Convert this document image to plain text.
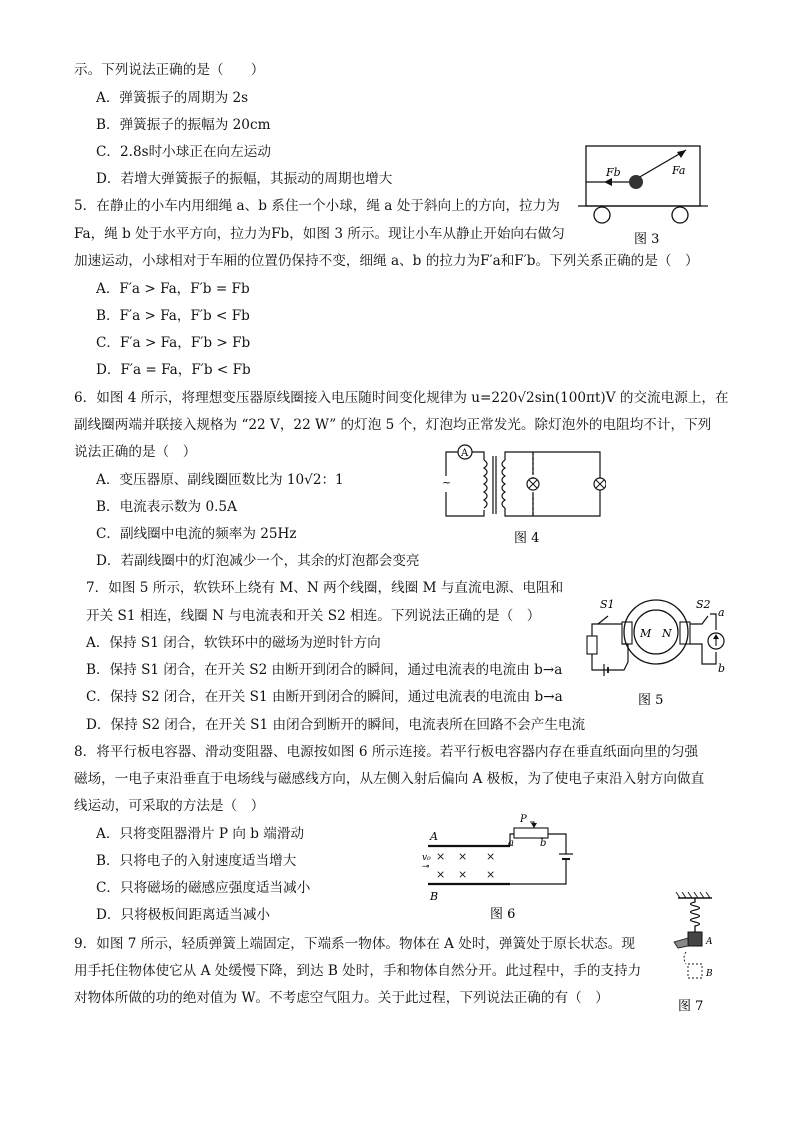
示。下列说法正确的是（　　）
A．弹簧振子的周期为 2s
B．弹簧振子的振幅为 20cm
C．2.8s时小球正在向左运动
D．若增大弹簧振子的振幅，其振动的周期也增大
5．在静止的小车内用细绳 a、b 系住一个小球，绳 a 处于斜向上的方向，拉力为
Fa，绳 b 处于水平方向，拉力为Fb，如图 3 所示。现让小车从静止开始向右做匀
加速运动，小球相对于车厢的位置仍保持不变，细绳 a、b 的拉力为F′a和F′b。下列关系正确的是（　）
A．F′a > Fa，F′b = Fb
B．F′a > Fa，F′b < Fb
C．F′a > Fa，F′b > Fb
D．F′a = Fa，F′b < Fb
Fb	Fa
图 3
6．如图 4 所示，将理想变压器原线圈接入电压随时间变化规律为 u=220√2sin(100πt)V 的交流电源上，在
副线圈两端并联接入规格为 “22 V，22 W” 的灯泡 5 个，灯泡均正常发光。除灯泡外的电阻均不计，下列
说法正确的是（　）
A．变压器原、副线圈匝数比为 10√2：1
B．电流表示数为 0.5A
C．副线圈中电流的频率为 25Hz
D．若副线圈中的灯泡减少一个，其余的灯泡都会变亮
A
~
图 4
7．如图 5 所示，软铁环上绕有 M、N 两个线圈，线圈 M 与直流电源、电阻和
开关 S1 相连，线圈 N 与电流表和开关 S2 相连。下列说法正确的是（　）
A．保持 S1 闭合，软铁环中的磁场为逆时针方向
B．保持 S1 闭合，在开关 S2 由断开到闭合的瞬间，通过电流表的电流由 b→a
C．保持 S2 闭合，在开关 S1 由断开到闭合的瞬间，通过电流表的电流由 b→a
D．保持 S2 闭合，在开关 S1 由闭合到断开的瞬间，电流表所在回路不会产生电流
M N
S1	S2
a
b
图 5
8．将平行板电容器、滑动变阻器、电源按如图 6 所示连接。若平行板电容器内存在垂直纸面向里的匀强
磁场，一电子束沿垂直于电场线与磁感线方向，从左侧入射后偏向 A 极板，为了使电子束沿入射方向做直
线运动，可采取的方法是（　）
A．只将变阻器滑片 P 向 b 端滑动
B．只将电子的入射速度适当增大
C．只将磁场的磁感应强度适当减小
D．只将极板间距离适当减小
A
B
v₀
⊸
× × ×
× × ×
P
a	b
图 6
9．如图 7 所示，轻质弹簧上端固定，下端系一物体。物体在 A 处时，弹簧处于原长状态。现
用手托住物体使它从 A 处缓慢下降，到达 B 处时，手和物体自然分开。此过程中，手的支持力
对物体所做的功的绝对值为 W。不考虑空气阻力。关于此过程，下列说法正确的有（　）
A
B
图 7
